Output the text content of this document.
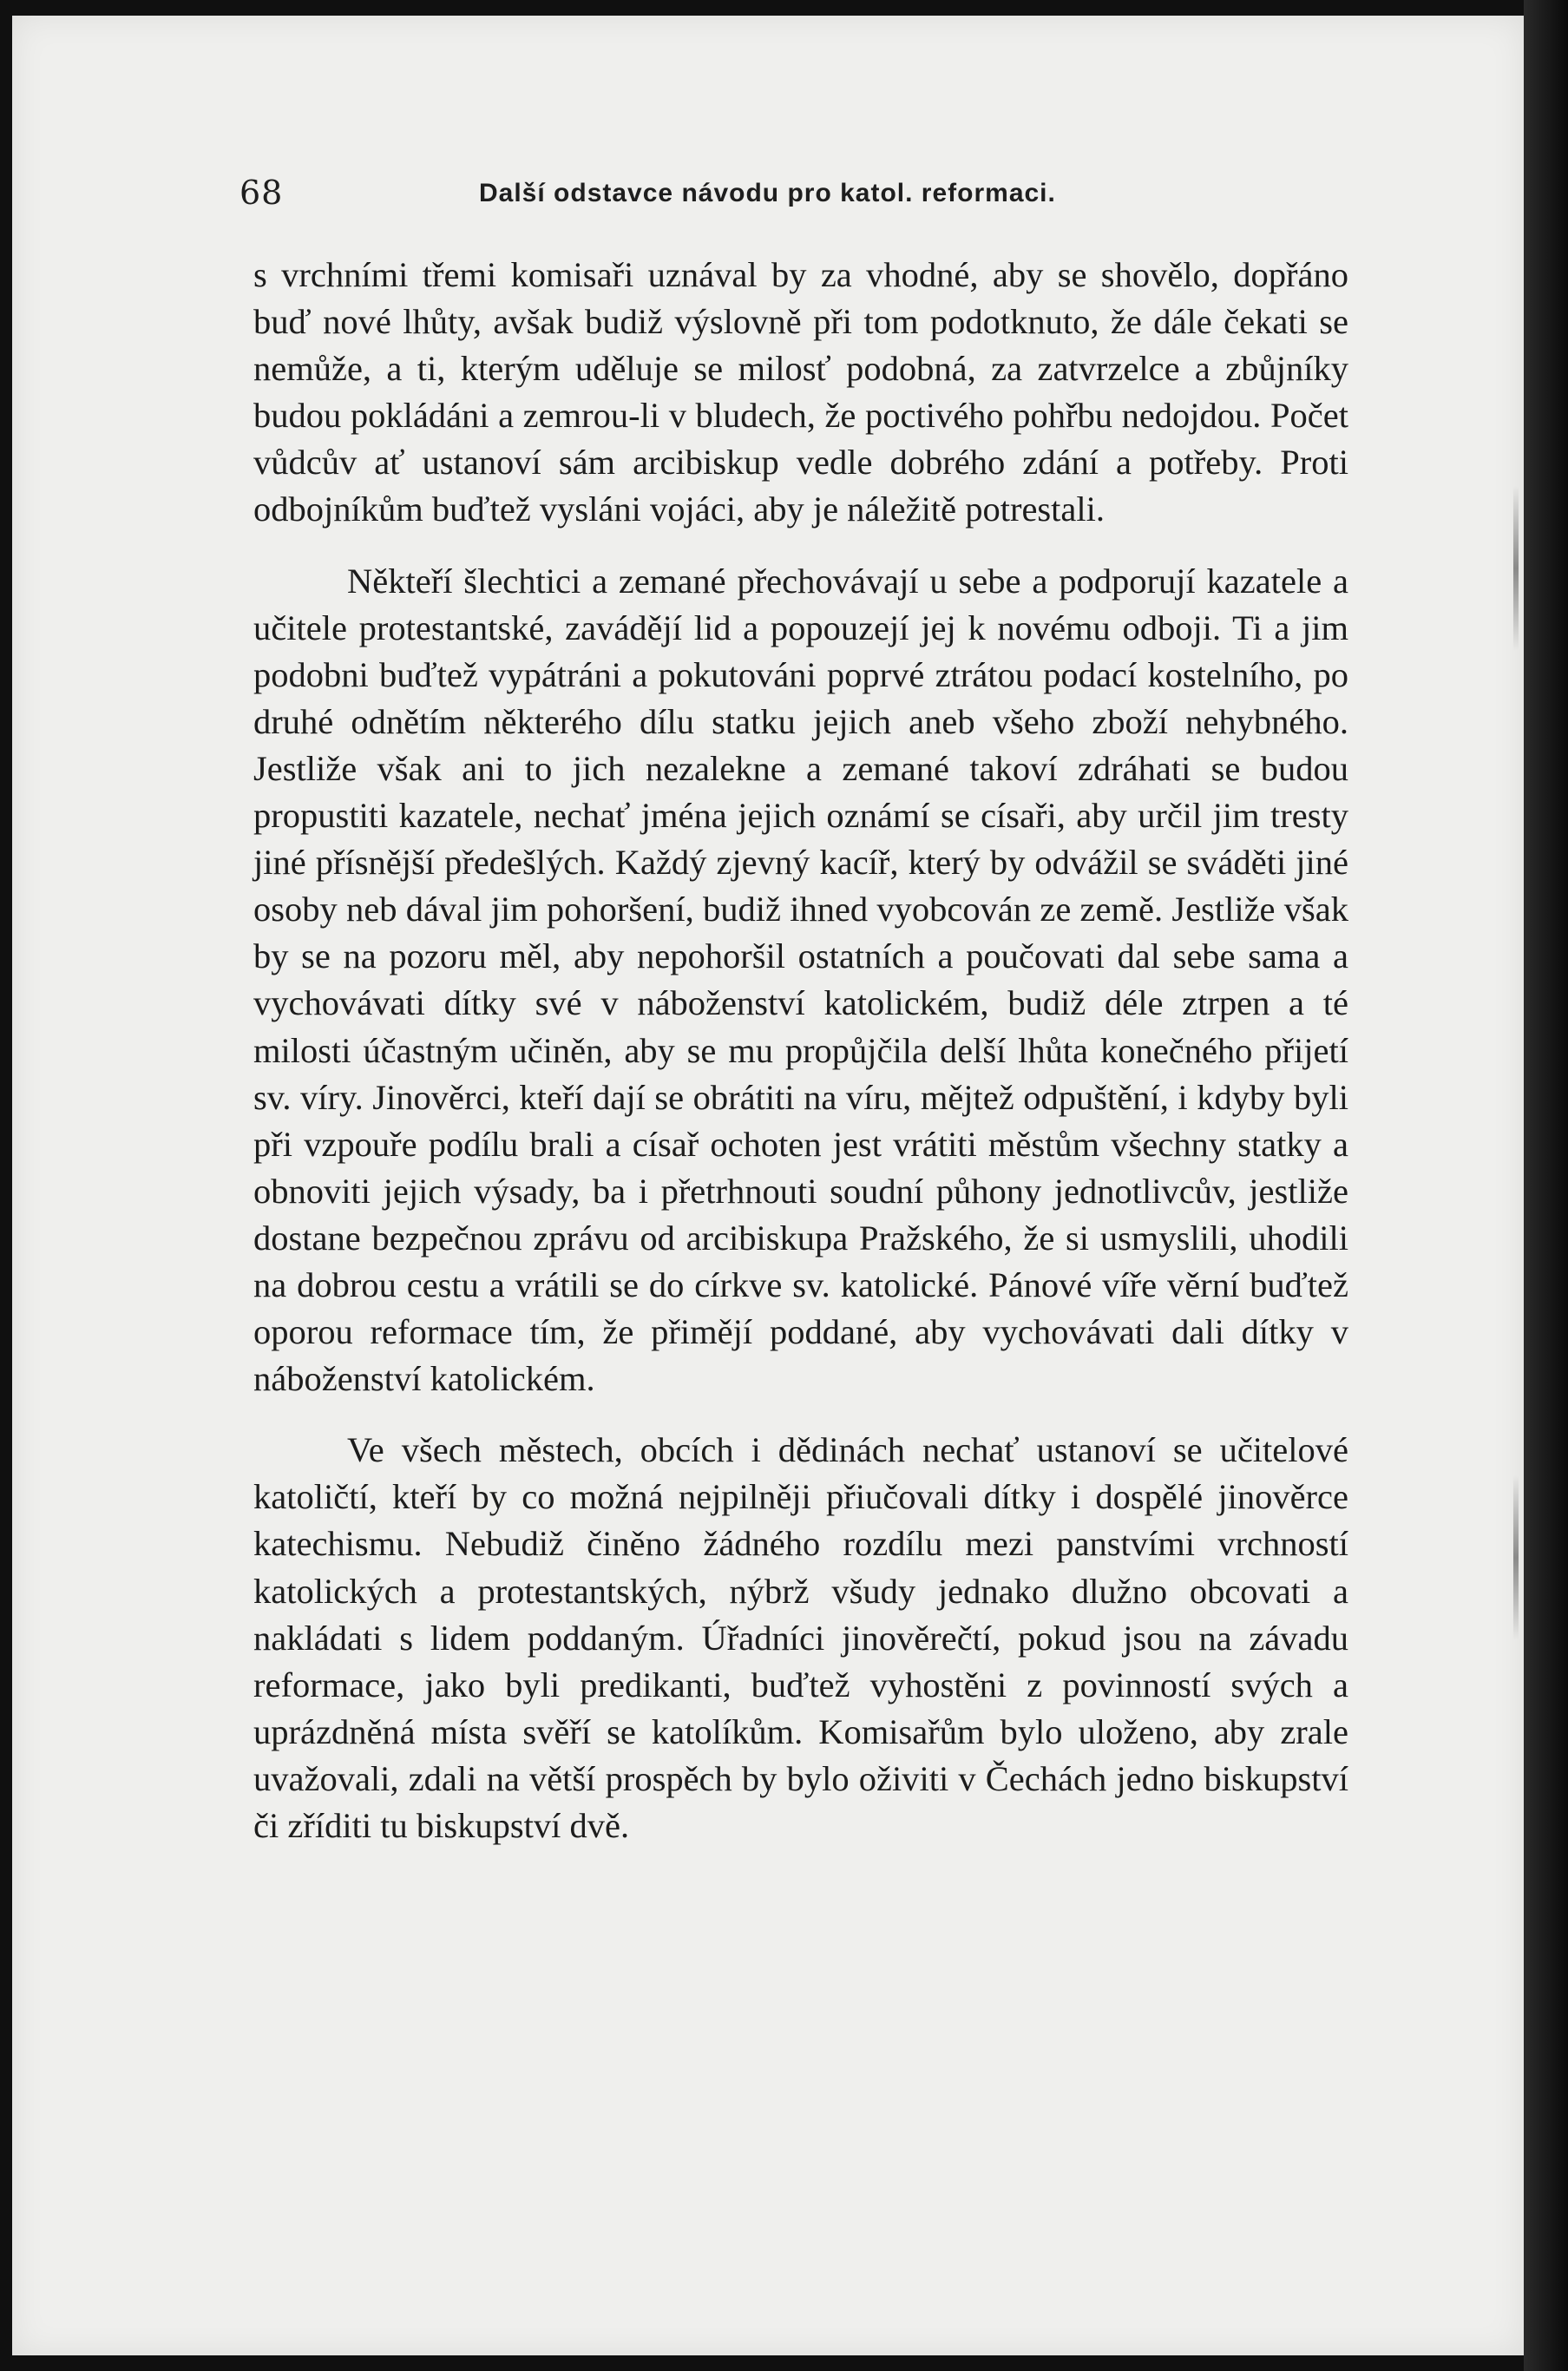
68	Další odstavce návodu pro katol. reformaci.

s vrchními třemi komisaři uznával by za vhodné, aby se shovělo, dopřáno buď nové lhůty, avšak budiž výslovně při tom podotknuto, že dále čekati se nemůže, a ti, kterým uděluje se milosť podobná, za zatvrzelce a zbůjníky budou pokládáni a zemrou-li v bludech, že poctivého pohřbu nedojdou. Počet vůdcův ať ustanoví sám arcibiskup vedle dobrého zdání a potřeby. Proti odbojníkům buďtež vysláni vojáci, aby je náležitě potrestali.

Někteří šlechtici a zemané přechovávají u sebe a podporují kazatele a učitele protestantské, zavádějí lid a popouzejí jej k novému odboji. Ti a jim podobni buďtež vypátráni a pokutováni poprvé ztrátou podací kostelního, po druhé odnětím některého dílu statku jejich aneb všeho zboží nehybného. Jestliže však ani to jich nezalekne a zemané takoví zdráhati se budou propustiti kazatele, nechať jména jejich oznámí se císaři, aby určil jim tresty jiné přísnější předešlých. Každý zjevný kacíř, který by odvážil se sváděti jiné osoby neb dával jim pohoršení, budiž ihned vyobcován ze země. Jestliže však by se na pozoru měl, aby nepohoršil ostatních a poučovati dal sebe sama a vychovávati dítky své v náboženství katolickém, budiž déle ztrpen a té milosti účastným učiněn, aby se mu propůjčila delší lhůta konečného přijetí sv. víry. Jinověrci, kteří dají se obrátiti na víru, mějtež odpuštění, i kdyby byli při vzpouře podílu brali a císař ochoten jest vrátiti městům všechny statky a obnoviti jejich výsady, ba i přetrhnouti soudní půhony jednotlivcův, jestliže dostane bezpečnou zprávu od arcibiskupa Pražského, že si usmyslili, uhodili na dobrou cestu a vrátili se do církve sv. katolické. Pánové víře věrní buďtež oporou reformace tím, že přimějí poddané, aby vychovávati dali dítky v náboženství katolickém.

Ve všech městech, obcích i dědinách nechať ustanoví se učitelové katoličtí, kteří by co možná nejpilněji přiučovali dítky i dospělé jinověrce katechismu. Nebudiž činěno žádného rozdílu mezi panstvími vrchností katolických a protestantských, nýbrž všudy jednako dlužno obcovati a nakládati s lidem poddaným. Úřadníci jinověrečtí, pokud jsou na závadu reformace, jako byli predikanti, buďtež vyhostěni z povinností svých a uprázdněná místa svěří se katolíkům. Komisařům bylo uloženo, aby zrale uvažovali, zdali na větší prospěch by bylo oživiti v Čechách jedno biskupství či zříditi tu biskupství dvě.
